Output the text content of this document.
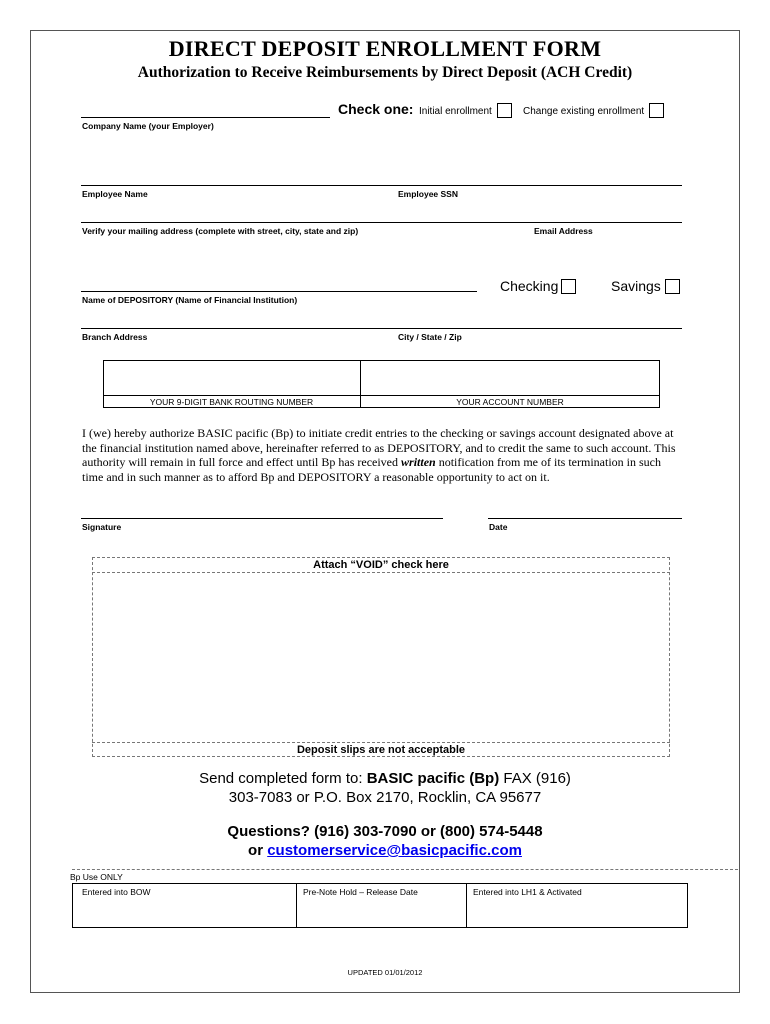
DIRECT DEPOSIT ENROLLMENT FORM
Authorization to Receive Reimbursements by Direct Deposit (ACH Credit)
Company Name (your Employer)
Check one: Initial enrollment	Change existing enrollment
Employee Name	Employee SSN
Verify your mailing address (complete with street, city, state and zip)	Email Address
Name of DEPOSITORY (Name of Financial Institution)
Checking	Savings
Branch Address	City / State / Zip
YOUR 9-DIGIT BANK ROUTING NUMBER	YOUR ACCOUNT NUMBER
I (we) hereby authorize BASIC pacific (Bp) to initiate credit entries to the checking or savings account designated above at the financial institution named above, hereinafter referred to as DEPOSITORY, and to credit the same to such account. This authority will remain in full force and effect until Bp has received written notification from me of its termination in such time and in such manner as to afford Bp and DEPOSITORY a reasonable opportunity to act on it.
Signature	Date
Attach “VOID” check here
Deposit slips are not acceptable
Send completed form to: BASIC pacific (Bp) FAX (916)
303-7083 or P.O. Box 2170, Rocklin, CA 95677
Questions? (916) 303-7090 or (800) 574-5448
or customerservice@basicpacific.com
Bp Use ONLY
Entered into BOW	Pre-Note Hold – Release Date	Entered into LH1 & Activated
UPDATED 01/01/2012
